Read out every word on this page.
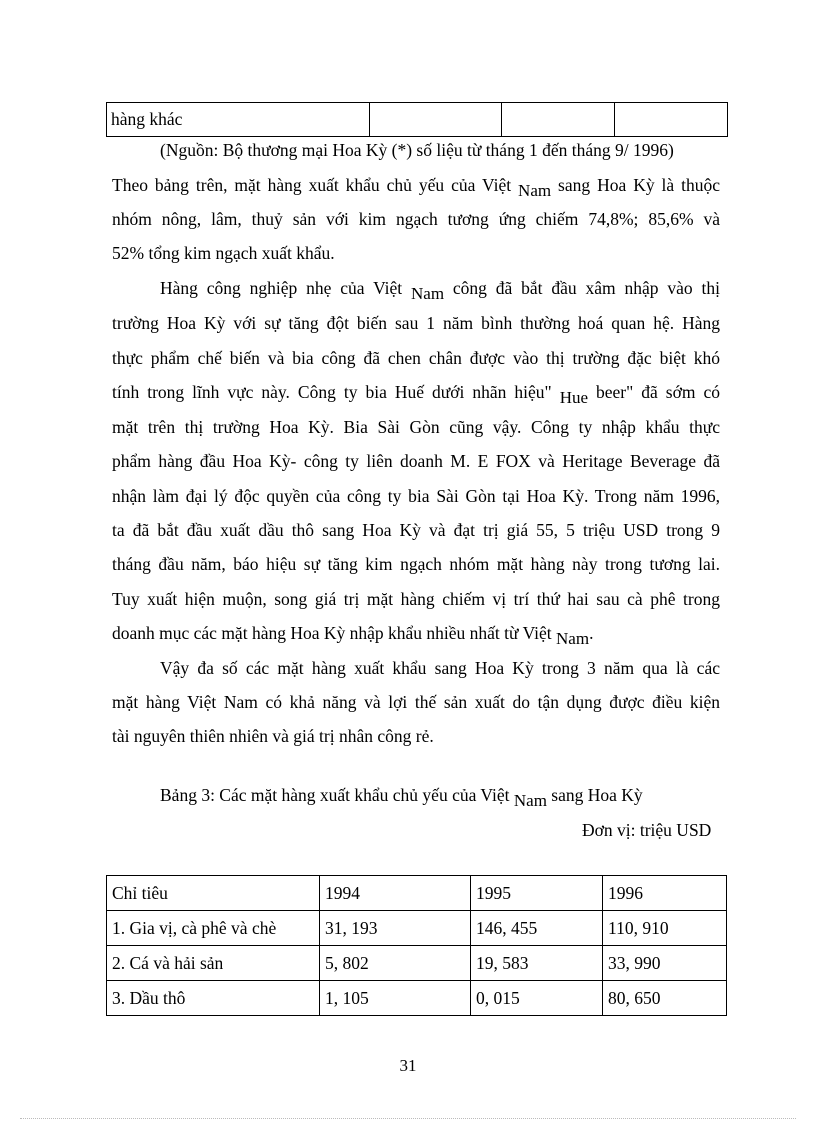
hàng khác			
(Nguồn: Bộ thương mại Hoa Kỳ (*) số liệu từ tháng 1 đến tháng 9/ 1996)
Theo bảng trên, mặt hàng xuất khẩu chủ yếu của Việt Nam sang Hoa Kỳ là thuộc
nhóm nông, lâm, thuỷ sản với kim ngạch tương ứng chiếm 74,8%; 85,6% và
52% tổng kim ngạch xuất khẩu.
Hàng công nghiệp nhẹ của Việt Nam công đã bắt đầu xâm nhập vào thị
trường Hoa Kỳ với sự tăng đột biến sau 1 năm bình thường hoá quan hệ. Hàng
thực phẩm chế biến và bia công đã chen chân được vào thị trường đặc biệt khó
tính trong lĩnh vực này. Công ty bia Huế dưới nhãn hiệu" Hue beer" đã sớm có
mặt trên thị trường Hoa Kỳ. Bia Sài Gòn cũng vậy. Công ty nhập khẩu thực
phẩm hàng đầu Hoa Kỳ- công ty liên doanh M. E FOX và Heritage Beverage đã
nhận làm đại lý độc quyền của công ty bia Sài Gòn tại Hoa Kỳ. Trong năm 1996,
ta đã bắt đầu xuất dầu thô sang Hoa Kỳ và đạt trị giá 55, 5 triệu USD trong 9
tháng đầu năm, báo hiệu sự tăng kim ngạch nhóm mặt hàng này trong tương lai.
Tuy xuất hiện muộn, song giá trị mặt hàng chiếm vị trí thứ hai sau cà phê trong
doanh mục các mặt hàng Hoa Kỳ nhập khẩu nhiều nhất từ Việt Nam.
Vậy đa số các mặt hàng xuất khẩu sang Hoa Kỳ trong 3 năm qua là các
mặt hàng Việt Nam có khả năng và lợi thế sản xuất do tận dụng được điều kiện
tài nguyên thiên nhiên và giá trị nhân công rẻ.
Bảng 3: Các mặt hàng xuất khẩu chủ yếu của Việt Nam sang Hoa Kỳ
Đơn vị: triệu USD
Chỉ tiêu	1994	1995	1996
1. Gia vị, cà phê và chè	31, 193	146, 455	110, 910
2. Cá và hải sản	5, 802	19, 583	33, 990
3. Dầu thô	1, 105	0, 015	80, 650
31
